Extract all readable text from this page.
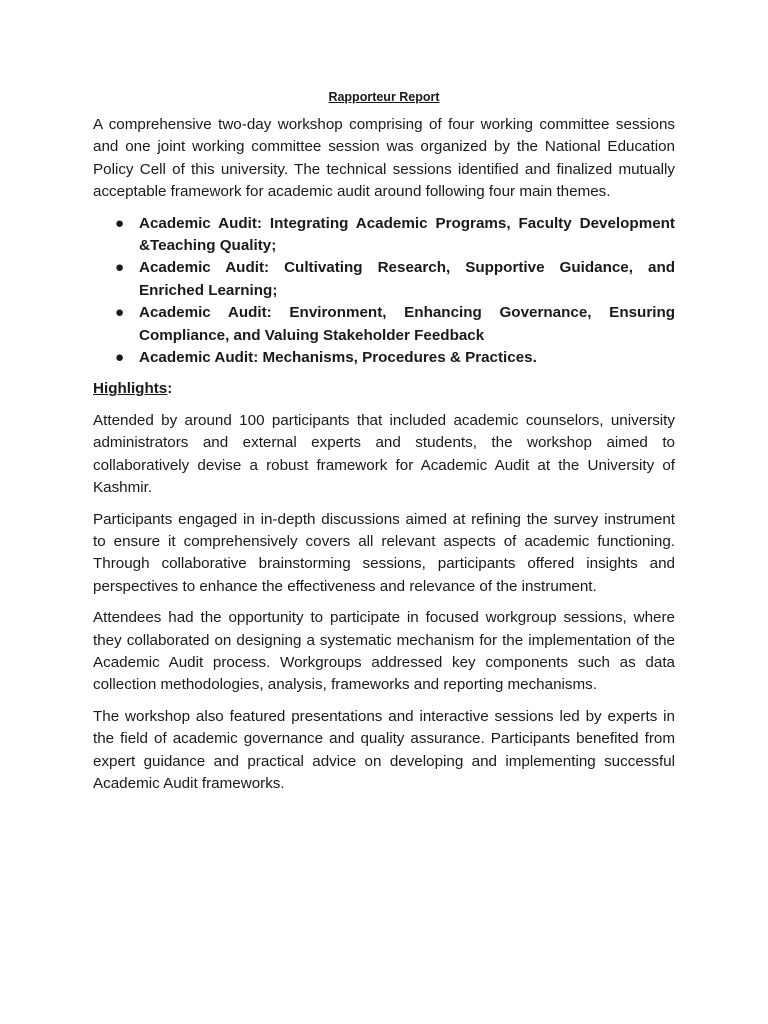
Rapporteur Report

A comprehensive two-day workshop comprising of four working committee sessions and one joint working committee session was organized by the National Education Policy Cell of this university. The technical sessions identified and finalized mutually acceptable framework for academic audit around following four main themes.

● Academic Audit: Integrating Academic Programs, Faculty Development &Teaching Quality;
● Academic Audit: Cultivating Research, Supportive Guidance, and Enriched Learning;
● Academic Audit: Environment, Enhancing Governance, Ensuring Compliance, and Valuing Stakeholder Feedback
● Academic Audit: Mechanisms, Procedures & Practices.
Highlights:

Attended by around 100 participants that included academic counselors, university administrators and external experts and students, the workshop aimed to collaboratively devise a robust framework for Academic Audit at the University of Kashmir.

Participants engaged in in-depth discussions aimed at refining the survey instrument to ensure it comprehensively covers all relevant aspects of academic functioning. Through collaborative brainstorming sessions, participants offered insights and perspectives to enhance the effectiveness and relevance of the instrument.

Attendees had the opportunity to participate in focused workgroup sessions, where they collaborated on designing a systematic mechanism for the implementation of the Academic Audit process. Workgroups addressed key components such as data collection methodologies, analysis, frameworks and reporting mechanisms.

The workshop also featured presentations and interactive sessions led by experts in the field of academic governance and quality assurance. Participants benefited from expert guidance and practical advice on developing and implementing successful Academic Audit frameworks.
